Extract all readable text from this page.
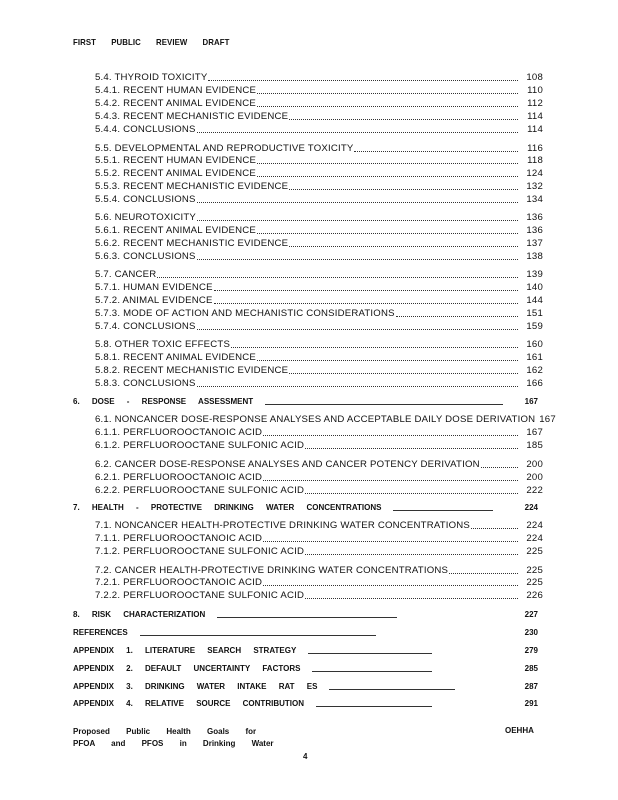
FIRST PUBLIC REVIEW DRAFT
5.4. THYROID TOXICITY	108
5.4.1. RECENT HUMAN EVIDENCE	110
5.4.2. RECENT ANIMAL EVIDENCE	112
5.4.3. RECENT MECHANISTIC EVIDENCE	114
5.4.4. CONCLUSIONS	114
5.5. DEVELOPMENTAL AND REPRODUCTIVE TOXICITY	116
5.5.1. RECENT HUMAN EVIDENCE	118
5.5.2. RECENT ANIMAL EVIDENCE	124
5.5.3. RECENT MECHANISTIC EVIDENCE	132
5.5.4. CONCLUSIONS	134
5.6. NEUROTOXICITY	136
5.6.1. RECENT ANIMAL EVIDENCE	136
5.6.2. RECENT MECHANISTIC EVIDENCE	137
5.6.3. CONCLUSIONS	138
5.7. CANCER	139
5.7.1. HUMAN EVIDENCE	140
5.7.2. ANIMAL EVIDENCE	144
5.7.3. MODE OF ACTION AND MECHANISTIC CONSIDERATIONS	151
5.7.4. CONCLUSIONS	159
5.8. OTHER TOXIC EFFECTS	160
5.8.1. RECENT ANIMAL EVIDENCE	161
5.8.2. RECENT MECHANISTIC EVIDENCE	162
5.8.3. CONCLUSIONS	166
6. DOSE - RESPONSE ASSESSMENT	167
6.1. NONCANCER DOSE-RESPONSE ANALYSES AND ACCEPTABLE DAILY DOSE DERIVATION 167
6.1.1. PERFLUOROOCTANOIC ACID	167
6.1.2. PERFLUOROOCTANE SULFONIC ACID	185
6.2. CANCER DOSE-RESPONSE ANALYSES AND CANCER POTENCY DERIVATION	200
6.2.1. PERFLUOROOCTANOIC ACID	200
6.2.2. PERFLUOROOCTANE SULFONIC ACID	222
7. HEALTH - PROTECTIVE DRINKING WATER CONCENTRATIONS	224
7.1. NONCANCER HEALTH-PROTECTIVE DRINKING WATER CONCENTRATIONS	224
7.1.1. PERFLUOROOCTANOIC ACID	224
7.1.2. PERFLUOROOCTANE SULFONIC ACID	225
7.2. CANCER HEALTH-PROTECTIVE DRINKING WATER CONCENTRATIONS	225
7.2.1. PERFLUOROOCTANOIC ACID	225
7.2.2. PERFLUOROOCTANE SULFONIC ACID	226
8. RISK CHARACTERIZATION	227
REFERENCES	230
APPENDIX 1. LITERATURE SEARCH STRATEGY	279
APPENDIX 2. DEFAULT UNCERTAINTY FACTORS	285
APPENDIX 3. DRINKING WATER INTAKE RAT ES	287
APPENDIX 4. RELATIVE SOURCE CONTRIBUTION	291
Proposed Public Health Goals for
PFOA and PFOS in Drinking Water
OEHHA
4
